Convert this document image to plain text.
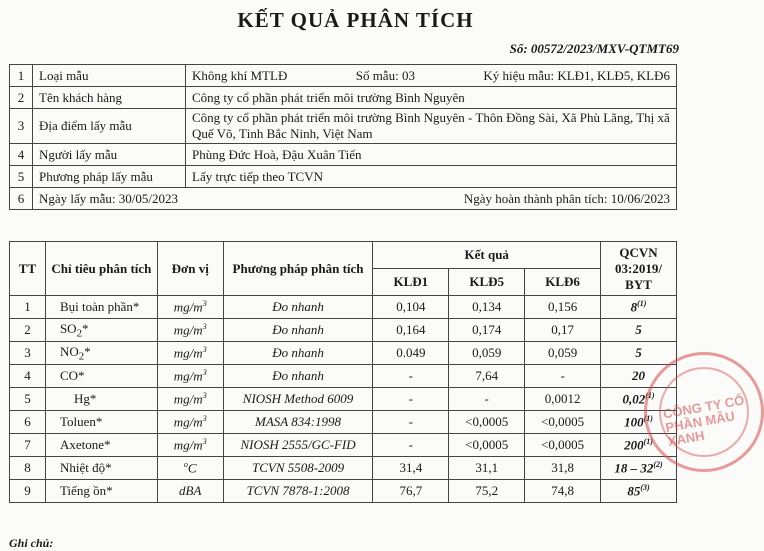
KẾT QUẢ PHÂN TÍCH
Số: 00572/2023/MXV-QTMT69
1	Loại mẫu	Không khí MTLĐ Số mẫu: 03 Ký hiệu mẫu: KLĐ1, KLĐ5, KLĐ6

2	Tên khách hàng	Công ty cổ phần phát triển môi trường Bình Nguyên
3	Địa điểm lấy mẫu	Công ty cổ phần phát triển môi trường Bình Nguyên - Thôn Đồng Sài, Xã Phù Lãng, Thị xã Quế Võ, Tỉnh Bắc Ninh, Việt Nam
4	Người lấy mẫu	Phùng Đức Hoà, Đậu Xuân Tiến
5	Phương pháp lấy mẫu	Lấy trực tiếp theo TCVN
6	Ngày lấy mẫu: 30/05/2023 Ngày hoàn thành phân tích: 10/06/2023	
TT	Chỉ tiêu phân tích	Đơn vị	Phương pháp phân tích	Kết quả			QCVN 03:2019/ BYT
				KLĐ1	KLĐ5	KLĐ6	
1	Bụi toàn phần*	$mg/m^3$	Đo nhanh	0,104	0,134	0,156	8$^{(1)}$
2	$SO_2*$	$mg/m^3$	Đo nhanh	0,164	0,174	0,17	5
3	$NO_2*$	$mg/m^3$	Đo nhanh	0.049	0,059	0,059	5
4	CO*	$mg/m^3$	Đo nhanh	-	7,64	-	20
5	Hg*	$mg/m^3$	NIOSH Method 6009	-	-	0,0012	0,02$^{(1)}$
6	Toluen*	$mg/m^3$	MASA 834:1998	-	<0,0005	<0,0005	100$^{(1)}$
7	Axetone*	$mg/m^3$	NIOSH 2555/GC-FID	-	<0,0005	<0,0005	200$^{(1)}$
8	Nhiệt độ*	$^o$C	TCVN 5508-2009	31,4	31,1	31,8	18 – 32$^{(2)}$
9	Tiếng ồn*	dBA	TCVN 7878-1:2008	76,7	75,2	74,8	85$^{(3)}$
Ghi chú:
CÔNG TY CỔ PHẦN MÂU XANH
